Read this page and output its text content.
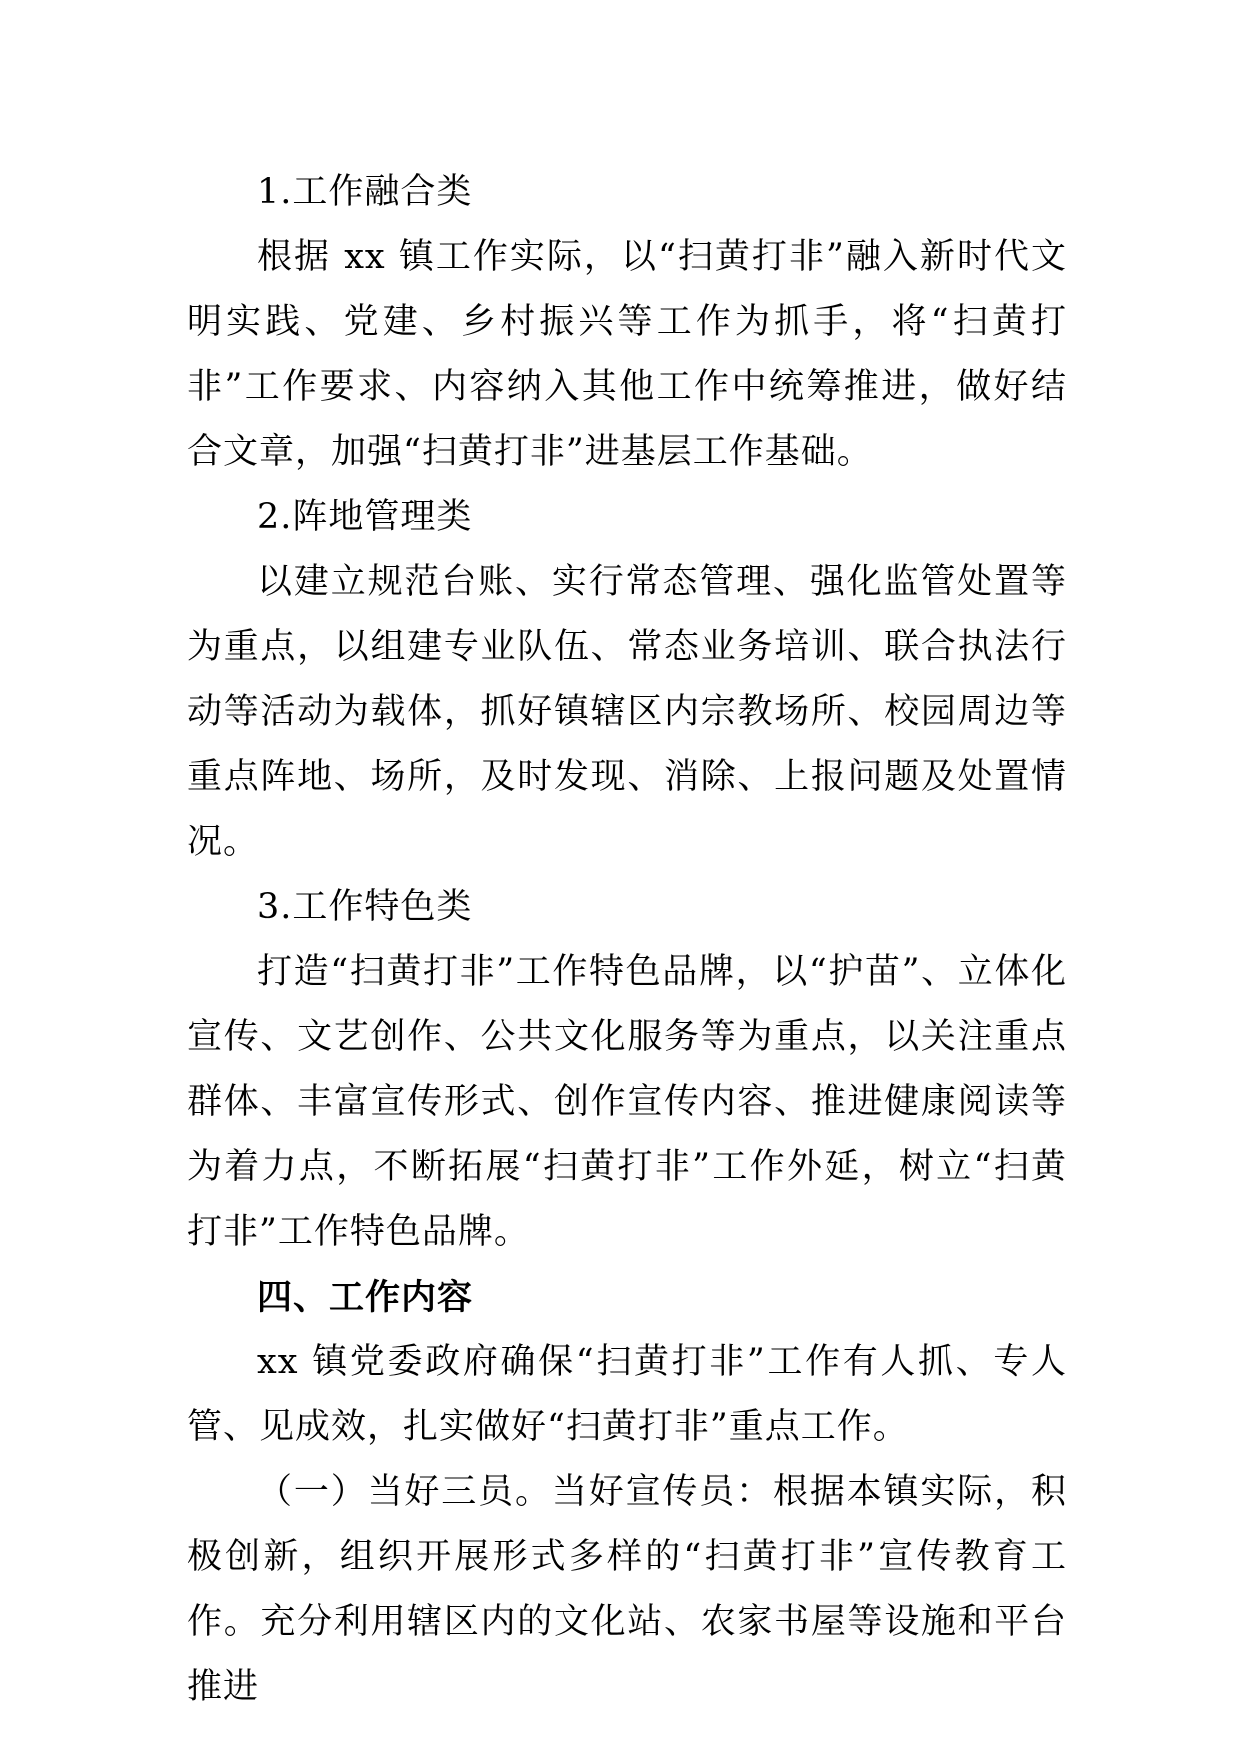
1.工作融合类

根据 xx 镇工作实际，以“扫黄打非”融入新时代文明实践、党建、乡村振兴等工作为抓手，将“扫黄打非”工作要求、内容纳入其他工作中统筹推进，做好结合文章，加强“扫黄打非”进基层工作基础。

2.阵地管理类

以建立规范台账、实行常态管理、强化监管处置等为重点，以组建专业队伍、常态业务培训、联合执法行动等活动为载体，抓好镇辖区内宗教场所、校园周边等重点阵地、场所，及时发现、消除、上报问题及处置情况。

3.工作特色类

打造“扫黄打非”工作特色品牌，以“护苗”、立体化宣传、文艺创作、公共文化服务等为重点，以关注重点群体、丰富宣传形式、创作宣传内容、推进健康阅读等为着力点，不断拓展“扫黄打非”工作外延，树立“扫黄打非”工作特色品牌。

四、工作内容

xx 镇党委政府确保“扫黄打非”工作有人抓、专人管、见成效，扎实做好“扫黄打非”重点工作。

（一）当好三员。当好宣传员：根据本镇实际，积极创新，组织开展形式多样的“扫黄打非”宣传教育工作。充分利用辖区内的文化站、农家书屋等设施和平台推进
